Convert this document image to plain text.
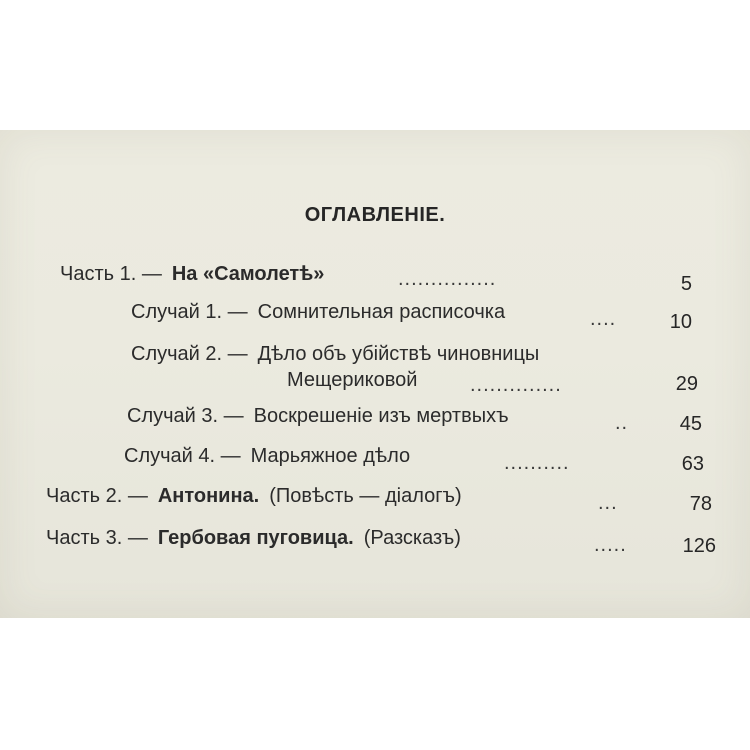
ОГЛАВЛЕНІЕ.
Часть 1. — На «Самолетѣ»	...............	5
Случай 1. — Сомнительная расписочка	....	10
Случай 2. — Дѣло объ убійствѣ чиновницы
Мещериковой	..............	29
Случай 3. — Воскрешеніе изъ мертвыхъ	..	45
Случай 4. — Марьяжное дѣло	..........	63
Часть 2. — Антонина. (Повѣсть — діалогъ)	...	78
Часть 3. — Гербовая пуговица. (Разсказъ)	.....	126
